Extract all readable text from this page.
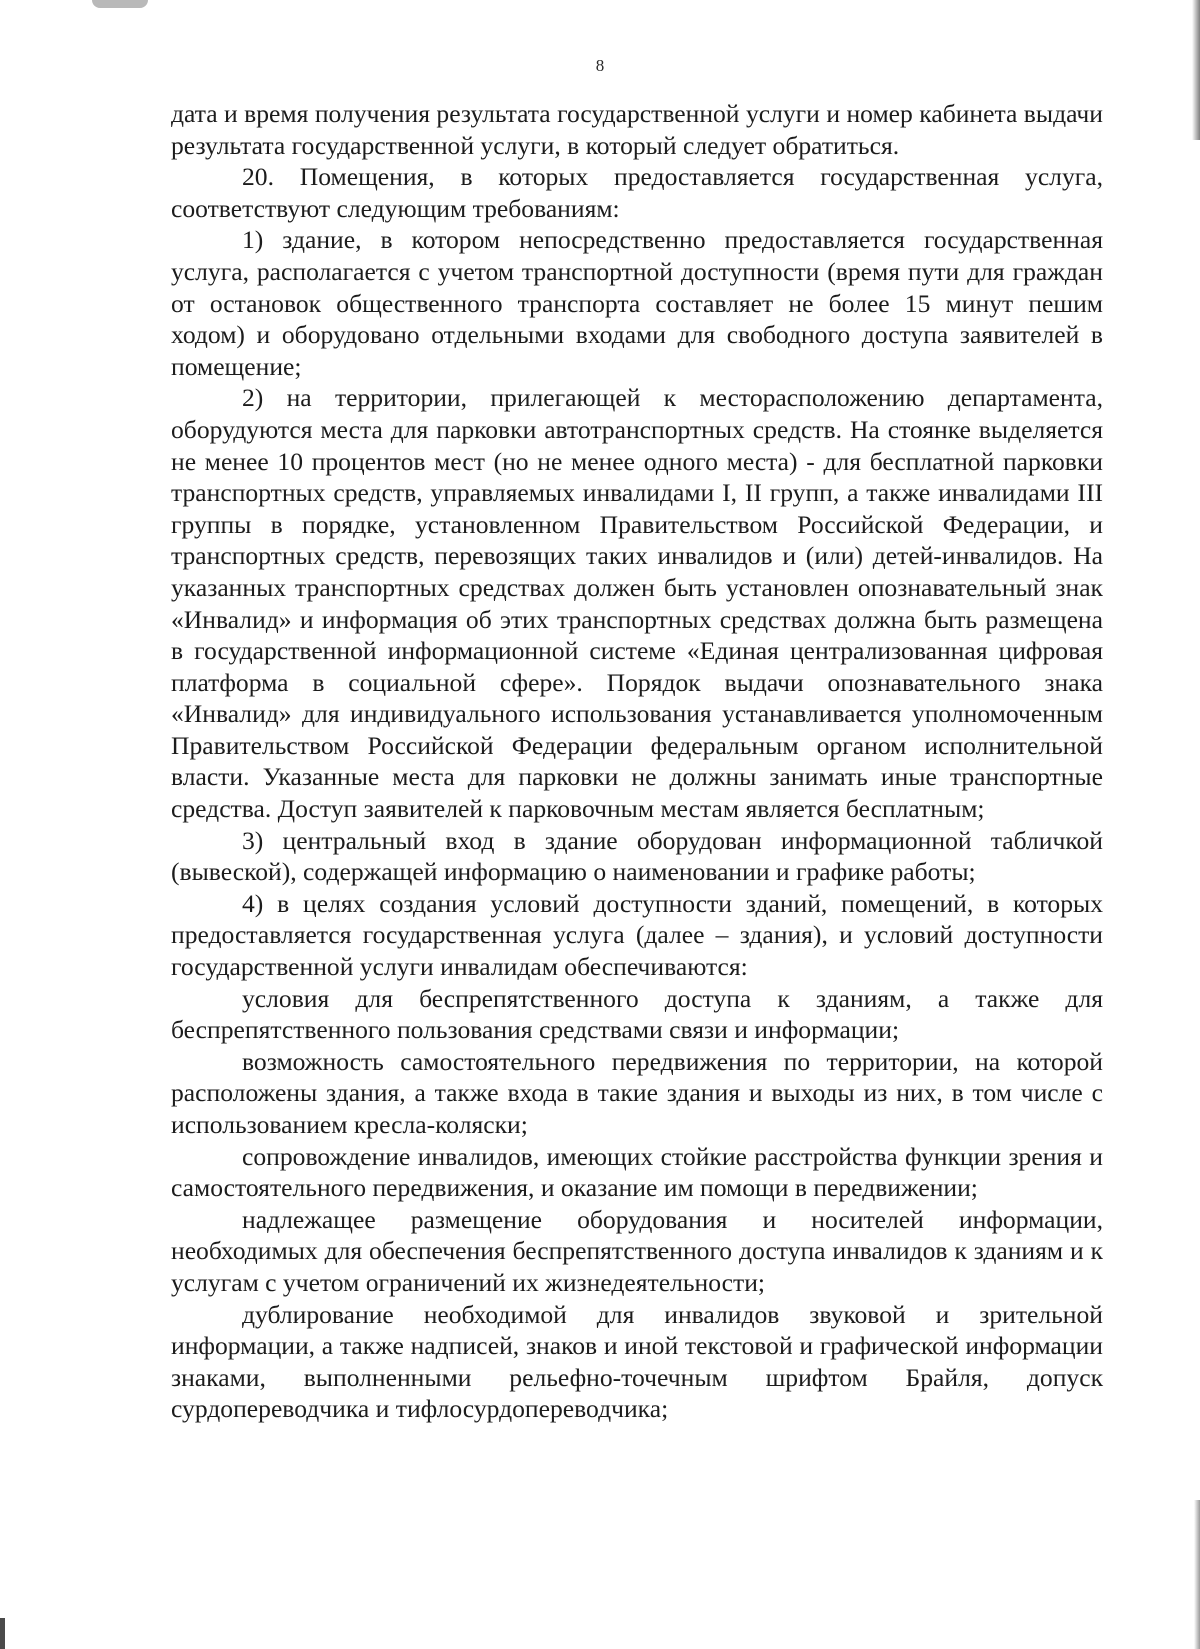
8

дата и время получения результата государственной услуги и номер кабинета выдачи результата государственной услуги, в который следует обратиться.

20. Помещения, в которых предоставляется государственная услуга, соответствуют следующим требованиям:

1) здание, в котором непосредственно предоставляется государственная услуга, располагается с учетом транспортной доступности (время пути для граждан от остановок общественного транспорта составляет не более 15 минут пешим ходом) и оборудовано отдельными входами для свободного доступа заявителей в помещение;

2) на территории, прилегающей к месторасположению департамента, оборудуются места для парковки автотранспортных средств. На стоянке выделяется не менее 10 процентов мест (но не менее одного места) - для бесплатной парковки транспортных средств, управляемых инвалидами I, II групп, а также инвалидами III группы в порядке, установленном Правительством Российской Федерации, и транспортных средств, перевозящих таких инвалидов и (или) детей-инвалидов. На указанных транспортных средствах должен быть установлен опознавательный знак «Инвалид» и информация об этих транспортных средствах должна быть размещена в государственной информационной системе «Единая централизованная цифровая платформа в социальной сфере». Порядок выдачи опознавательного знака «Инвалид» для индивидуального использования устанавливается уполномоченным Правительством Российской Федерации федеральным органом исполнительной власти. Указанные места для парковки не должны занимать иные транспортные средства. Доступ заявителей к парковочным местам является бесплатным;

3) центральный вход в здание оборудован информационной табличкой (вывеской), содержащей информацию о наименовании и графике работы;

4) в целях создания условий доступности зданий, помещений, в которых предоставляется государственная услуга (далее – здания), и условий доступности государственной услуги инвалидам обеспечиваются:

условия для беспрепятственного доступа к зданиям, а также для беспрепятственного пользования средствами связи и информации;

возможность самостоятельного передвижения по территории, на которой расположены здания, а также входа в такие здания и выходы из них, в том числе с использованием кресла-коляски;

сопровождение инвалидов, имеющих стойкие расстройства функции зрения и самостоятельного передвижения, и оказание им помощи в передвижении;

надлежащее размещение оборудования и носителей информации, необходимых для обеспечения беспрепятственного доступа инвалидов к зданиям и к услугам с учетом ограничений их жизнедеятельности;

дублирование необходимой для инвалидов звуковой и зрительной информации, а также надписей, знаков и иной текстовой и графической информации знаками, выполненными рельефно-точечным шрифтом Брайля, допуск сурдопереводчика и тифлосурдопереводчика;
